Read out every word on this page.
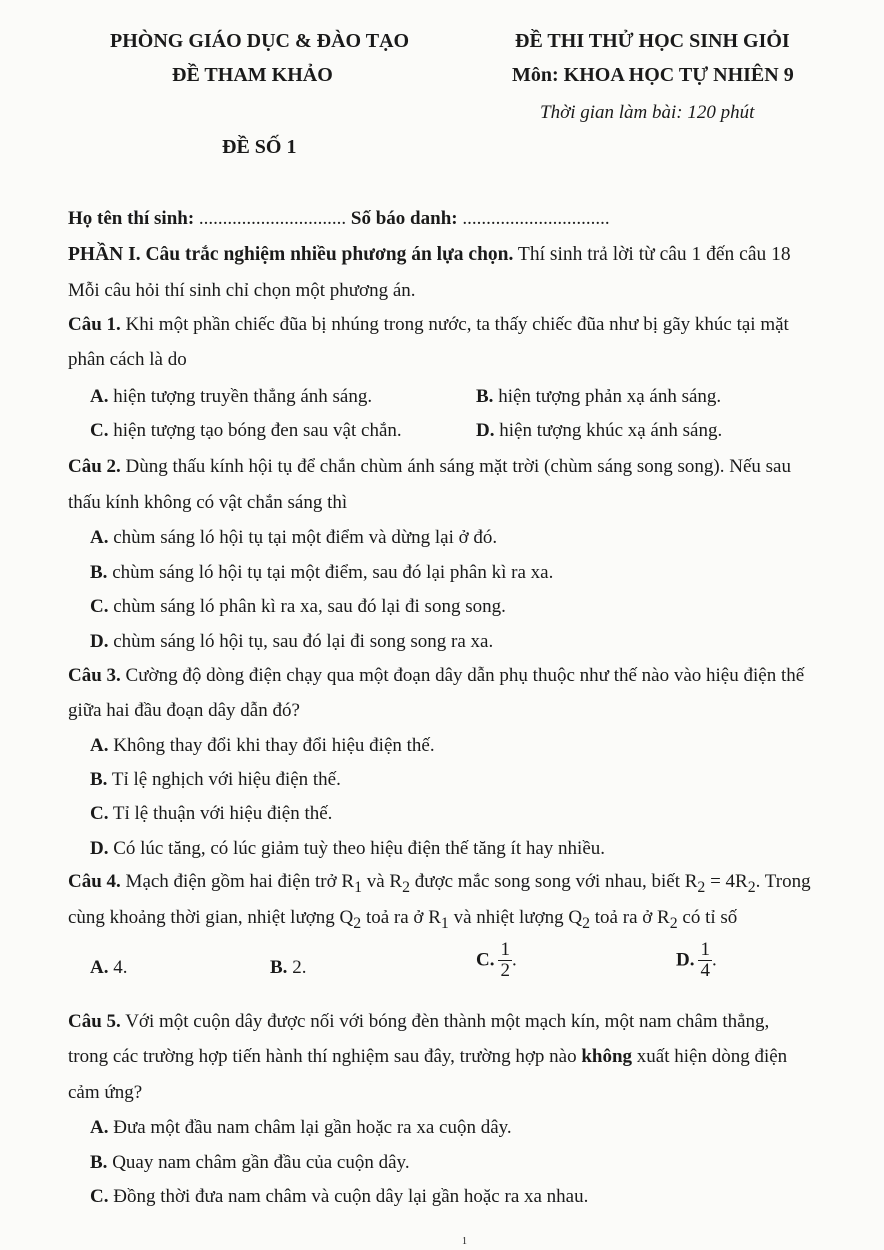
PHÒNG GIÁO DỤC & ĐÀO TẠO
ĐỀ THAM KHẢO
ĐỀ THI THỬ HỌC SINH GIỎI
Môn: KHOA HỌC TỰ NHIÊN 9
Thời gian làm bài: 120 phút
ĐỀ SỐ 1
Họ tên thí sinh: ............................... Số báo danh: ...............................
PHẦN I. Câu trắc nghiệm nhiều phương án lựa chọn. Thí sinh trả lời từ câu 1 đến câu 18
Mỗi câu hỏi thí sinh chỉ chọn một phương án.
Câu 1. Khi một phần chiếc đũa bị nhúng trong nước, ta thấy chiếc đũa như bị gãy khúc tại mặt
phân cách là do
A. hiện tượng truyền thẳng ánh sáng.	B. hiện tượng phản xạ ánh sáng.
C. hiện tượng tạo bóng đen sau vật chắn.	D. hiện tượng khúc xạ ánh sáng.
Câu 2. Dùng thấu kính hội tụ để chắn chùm ánh sáng mặt trời (chùm sáng song song). Nếu sau
thấu kính không có vật chắn sáng thì
A. chùm sáng ló hội tụ tại một điểm và dừng lại ở đó.
B. chùm sáng ló hội tụ tại một điểm, sau đó lại phân kì ra xa.
C. chùm sáng ló phân kì ra xa, sau đó lại đi song song.
D. chùm sáng ló hội tụ, sau đó lại đi song song ra xa.
Câu 3. Cường độ dòng điện chạy qua một đoạn dây dẫn phụ thuộc như thế nào vào hiệu điện thế
giữa hai đầu đoạn dây dẫn đó?
A. Không thay đổi khi thay đổi hiệu điện thế.
B. Tỉ lệ nghịch với hiệu điện thế.
C. Tỉ lệ thuận với hiệu điện thế.
D. Có lúc tăng, có lúc giảm tuỳ theo hiệu điện thế tăng ít hay nhiều.
Câu 4. Mạch điện gồm hai điện trở $R_1$ và $R_2$ được mắc song song với nhau, biết $R_2 = 4R_2$. Trong
cùng khoảng thời gian, nhiệt lượng $Q_2$ toả ra ở $R_1$ và nhiệt lượng $Q_2$ toả ra ở $R_2$ có tỉ số
A. 4.	B. 2.	C. $\frac{1}{2}$ .	D. $\frac{1}{4}$ .
Câu 5. Với một cuộn dây được nối với bóng đèn thành một mạch kín, một nam châm thẳng,
trong các trường hợp tiến hành thí nghiệm sau đây, trường hợp nào không xuất hiện dòng điện
cảm ứng?
A. Đưa một đầu nam châm lại gần hoặc ra xa cuộn dây.
B. Quay nam châm gần đầu của cuộn dây.
C. Đồng thời đưa nam châm và cuộn dây lại gần hoặc ra xa nhau.
1
